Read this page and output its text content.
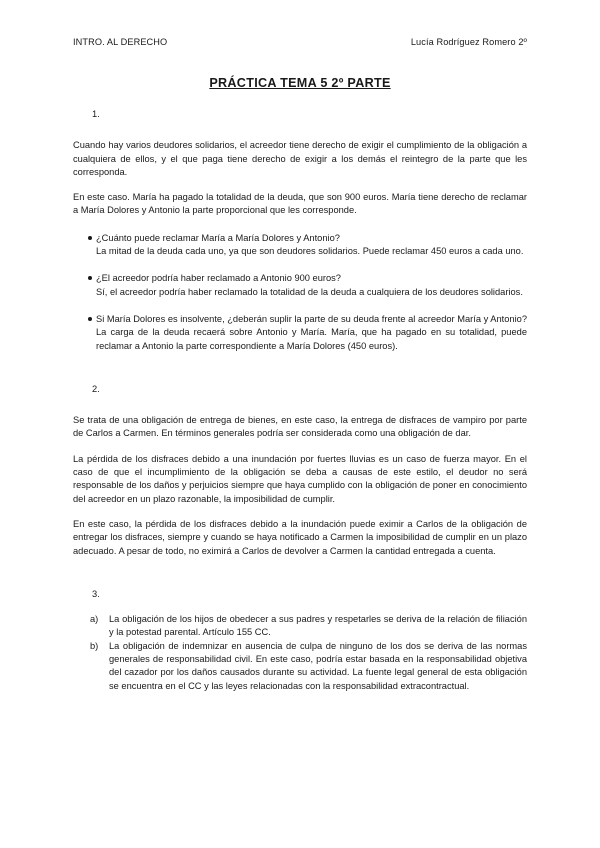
INTRO. AL DERECHO	Lucía Rodríguez Romero 2º
PRÁCTICA TEMA 5 2º PARTE
1.

Cuando hay varios deudores solidarios, el acreedor tiene derecho de exigir el cumplimiento de la obligación a cualquiera de ellos, y el que paga tiene derecho de exigir a los demás el reintegro de la parte que les corresponda.

En este caso. María ha pagado la totalidad de la deuda, que son 900 euros. María tiene derecho de reclamar a María Dolores y Antonio la parte proporcional que les corresponde.

¿Cuánto puede reclamar María a María Dolores y Antonio?
La mitad de la deuda cada uno, ya que son deudores solidarios. Puede reclamar 450 euros a cada uno.
¿El acreedor podría haber reclamado a Antonio 900 euros?
Sí, el acreedor podría haber reclamado la totalidad de la deuda a cualquiera de los deudores solidarios.
Si María Dolores es insolvente, ¿deberán suplir la parte de su deuda frente al acreedor María y Antonio?
La carga de la deuda recaerá sobre Antonio y María. María, que ha pagado en su totalidad, puede reclamar a Antonio la parte correspondiente a María Dolores (450 euros).
2.

Se trata de una obligación de entrega de bienes, en este caso, la entrega de disfraces de vampiro por parte de Carlos a Carmen. En términos generales podría ser considerada como una obligación de dar.

La pérdida de los disfraces debido a una inundación por fuertes lluvias es un caso de fuerza mayor. En el caso de que el incumplimiento de la obligación se deba a causas de este estilo, el deudor no será responsable de los daños y perjuicios siempre que haya cumplido con la obligación de poner en conocimiento del acreedor en un plazo razonable, la imposibilidad de cumplir.

En este caso, la pérdida de los disfraces debido a la inundación puede eximir a Carlos de la obligación de entregar los disfraces, siempre y cuando se haya notificado a Carmen la imposibilidad de cumplir en un plazo adecuado. A pesar de todo, no eximirá a Carlos de devolver a Carmen la cantidad entregada a cuenta.

3.
a) La obligación de los hijos de obedecer a sus padres y respetarles se deriva de la relación de filiación y la potestad parental. Artículo 155 CC.
b) La obligación de indemnizar en ausencia de culpa de ninguno de los dos se deriva de las normas generales de responsabilidad civil. En este caso, podría estar basada en la responsabilidad objetiva del cazador por los daños causados durante su actividad. La fuente legal general de esta obligación se encuentra en el CC y las leyes relacionadas con la responsabilidad extracontractual.
